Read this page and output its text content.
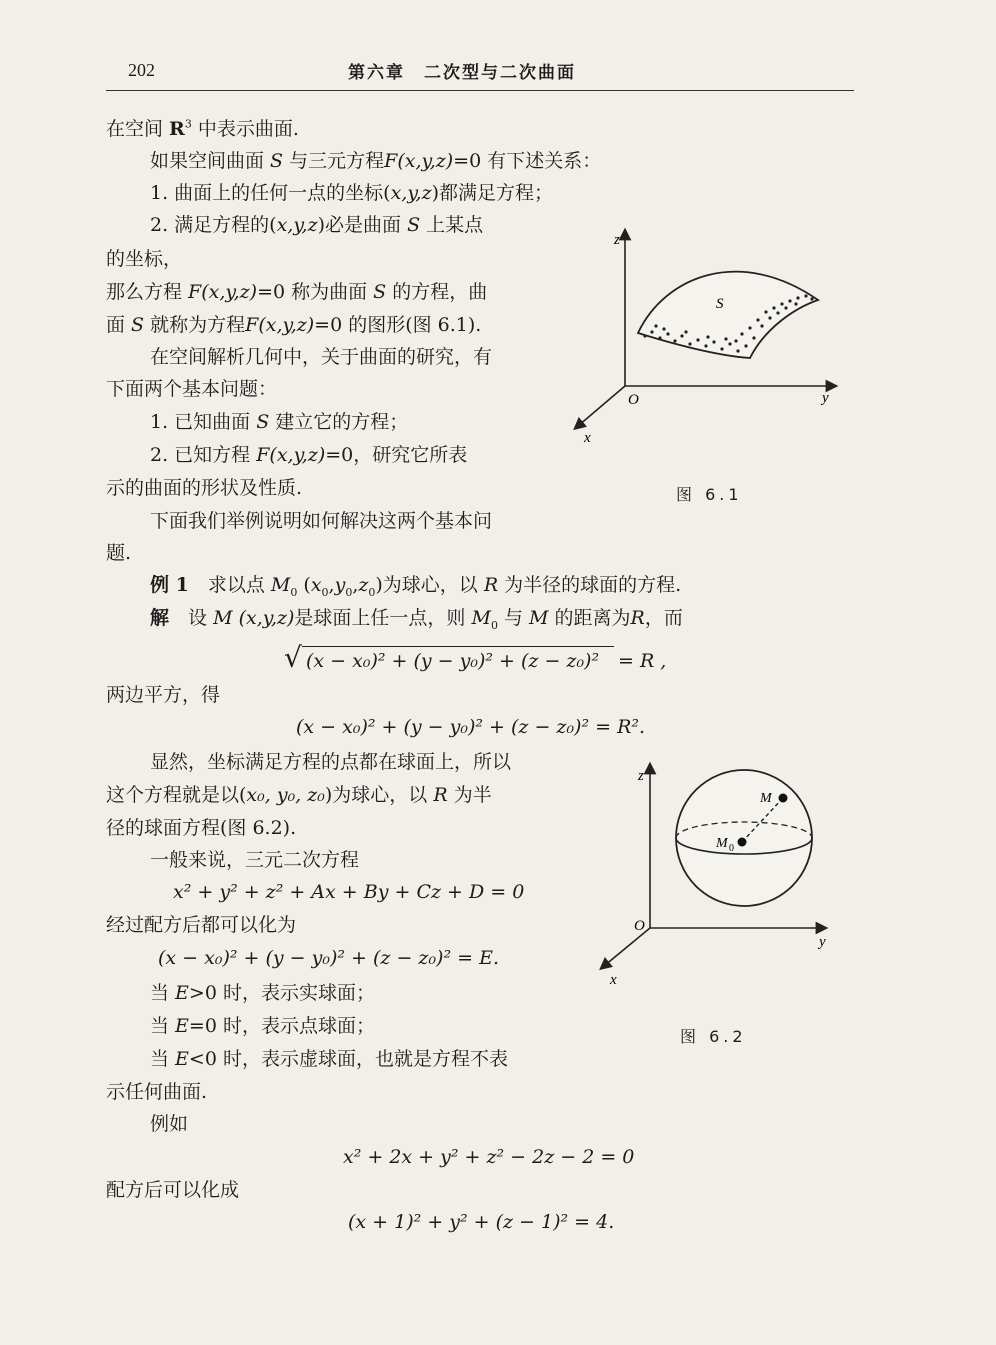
202	第六章　二次型与二次曲面
在空间 $R^3$ 中表示曲面.
如果空间曲面 S 与三元方程F(x,y,z)=0 有下述关系：
1. 曲面上的任何一点的坐标(x,y,z)都满足方程；
2. 满足方程的(x,y,z)必是曲面 S 上某点
的坐标，
那么方程 F(x,y,z)=0 称为曲面 S 的方程，曲
面 S 就称为方程F(x,y,z)=0 的图形(图 6.1).
在空间解析几何中，关于曲面的研究，有
下面两个基本问题：
1. 已知曲面 S 建立它的方程；
2. 已知方程 F(x,y,z)=0，研究它所表
示的曲面的形状及性质.
下面我们举例说明如何解决这两个基本问
题.
例 1　求以点 $M_0$ $(x_0,y_0,z_0)$为球心，以 R 为半径的球面的方程.
解　设 M (x,y,z)是球面上任一点，则 $M_0$ 与 M 的距离为R，而
√ (x − x₀)² + (y − y₀)² + (z − z₀)² = R ,
两边平方，得
(x − x₀)² + (y − y₀)² + (z − z₀)² = R².
显然，坐标满足方程的点都在球面上，所以
这个方程就是以(x₀, y₀, z₀)为球心，以 R 为半
径的球面方程(图 6.2).
一般来说，三元二次方程
x² + y² + z² + Ax + By + Cz + D = 0
经过配方后都可以化为
(x − x₀)² + (y − y₀)² + (z − z₀)² = E.
当 E>0 时，表示实球面；
当 E=0 时，表示点球面；
当 E<0 时，表示虚球面，也就是方程不表
示任何曲面.
例如
x² + 2x + y² + z² − 2z − 2 = 0
配方后可以化成
(x + 1)² + y² + (z − 1)² = 4.
S
z
y
x
O
图 6.1
M
M 0
z
y
x
O
图 6.2
